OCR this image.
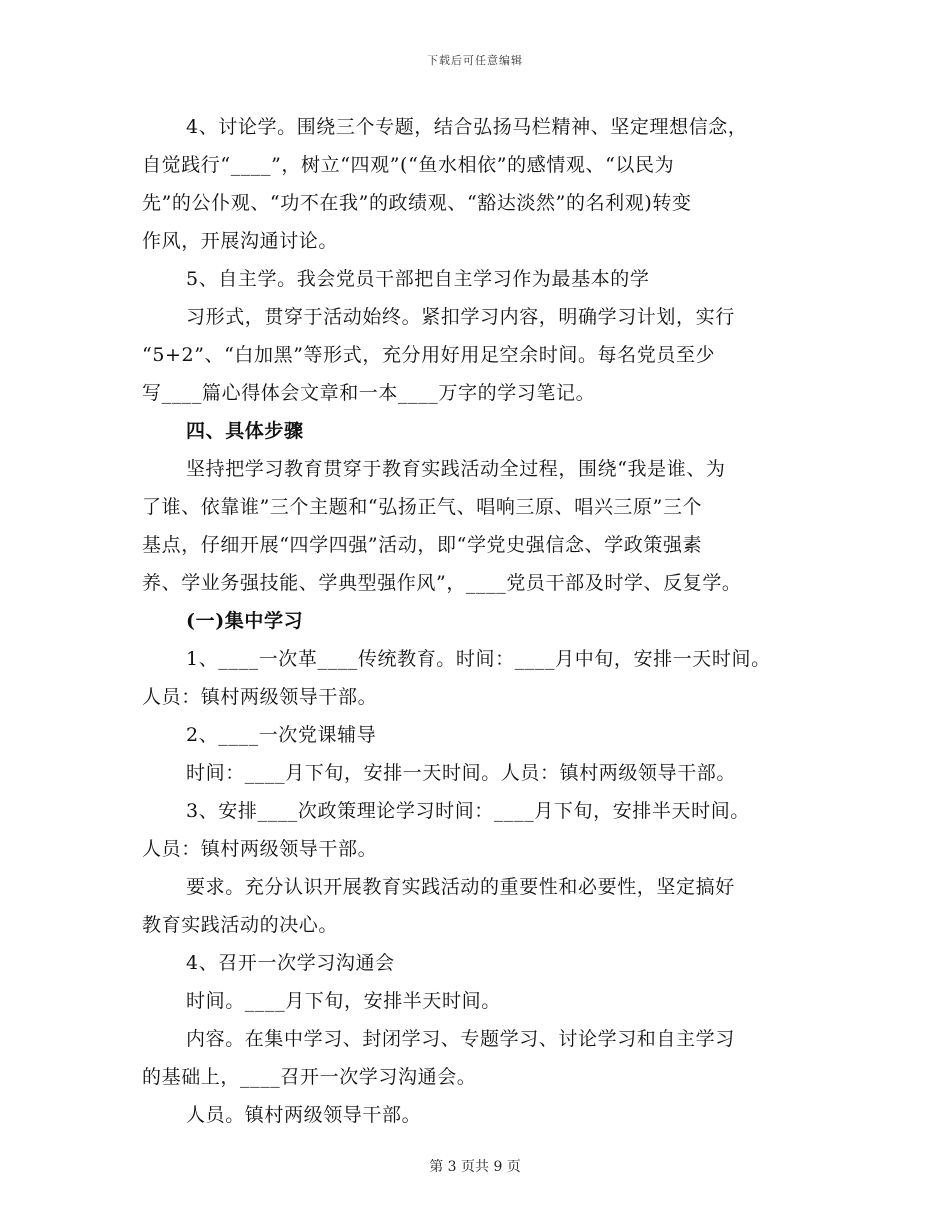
下载后可任意编辑
4、讨论学。围绕三个专题，结合弘扬马栏精神、坚定理想信念，
自觉践行“____”，树立“四观”(“鱼水相依”的感情观、“以民为
先”的公仆观、“功不在我”的政绩观、“豁达淡然”的名利观)转变
作风，开展沟通讨论。
5、自主学。我会党员干部把自主学习作为最基本的学
习形式，贯穿于活动始终。紧扣学习内容，明确学习计划，实行
“5+2”、“白加黑”等形式，充分用好用足空余时间。每名党员至少
写____篇心得体会文章和一本____万字的学习笔记。
四、具体步骤
坚持把学习教育贯穿于教育实践活动全过程，围绕“我是谁、为
了谁、依靠谁”三个主题和“弘扬正气、唱响三原、唱兴三原”三个
基点，仔细开展“四学四强”活动，即“学党史强信念、学政策强素
养、学业务强技能、学典型强作风”，____党员干部及时学、反复学。
(一)集中学习
1、____一次革____传统教育。时间：____月中旬，安排一天时间。
人员：镇村两级领导干部。
2、____一次党课辅导
时间：____月下旬，安排一天时间。人员：镇村两级领导干部。
3、安排____次政策理论学习时间：____月下旬，安排半天时间。
人员：镇村两级领导干部。
要求。充分认识开展教育实践活动的重要性和必要性，坚定搞好
教育实践活动的决心。
4、召开一次学习沟通会
时间。____月下旬，安排半天时间。
内容。在集中学习、封闭学习、专题学习、讨论学习和自主学习
的基础上，____召开一次学习沟通会。
人员。镇村两级领导干部。
第 3 页共 9 页
